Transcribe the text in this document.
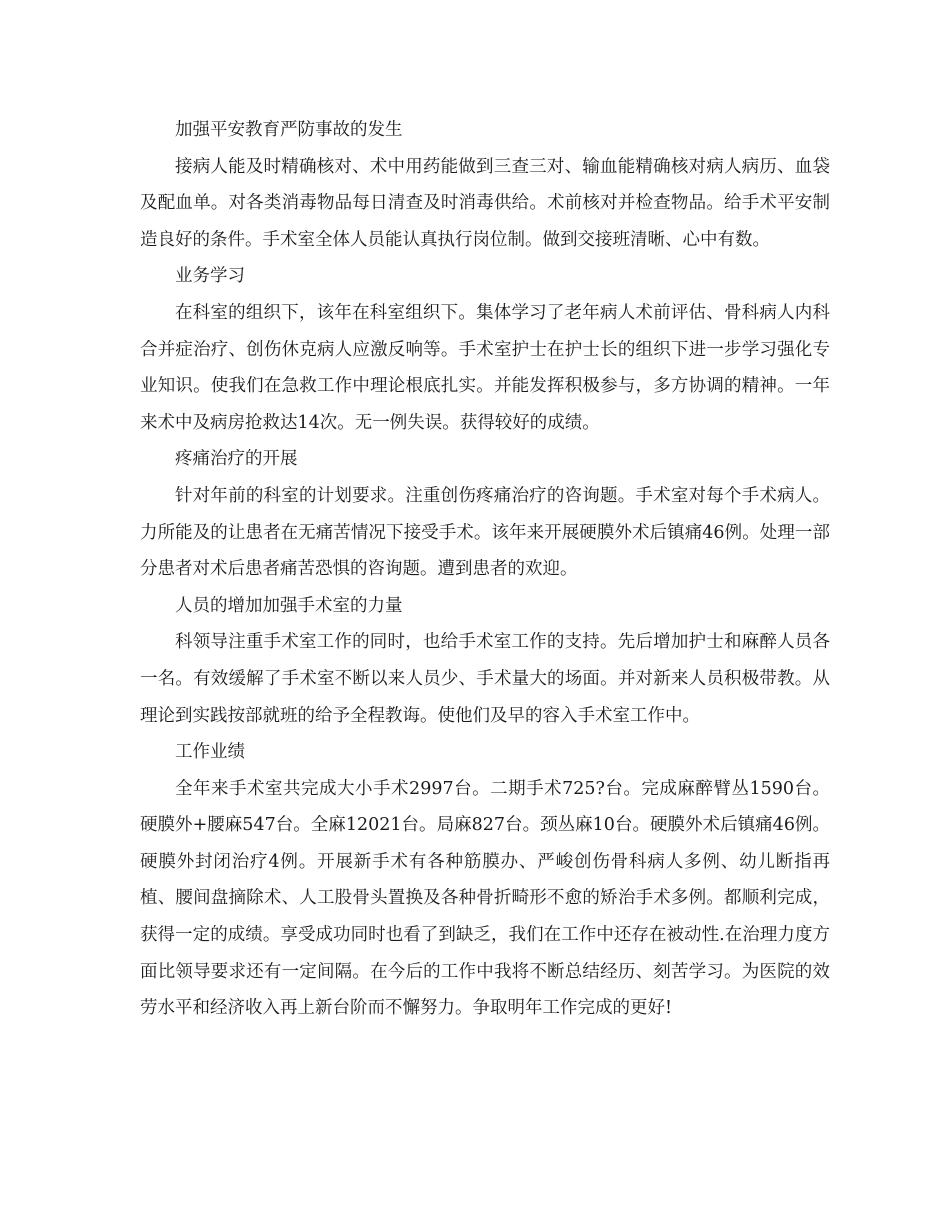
加强平安教育严防事故的发生

接病人能及时精确核对、术中用药能做到三查三对、输血能精确核对病人病历、血袋及配血单。对各类消毒物品每日清查及时消毒供给。术前核对并检查物品。给手术平安制造良好的条件。手术室全体人员能认真执行岗位制。做到交接班清晰、心中有数。

业务学习

在科室的组织下，该年在科室组织下。集体学习了老年病人术前评估、骨科病人内科合并症治疗、创伤休克病人应激反响等。手术室护士在护士长的组织下进一步学习强化专业知识。使我们在急救工作中理论根底扎实。并能发挥积极参与，多方协调的精神。一年来术中及病房抢救达14次。无一例失误。获得较好的成绩。

疼痛治疗的开展

针对年前的科室的计划要求。注重创伤疼痛治疗的咨询题。手术室对每个手术病人。力所能及的让患者在无痛苦情况下接受手术。该年来开展硬膜外术后镇痛46例。处理一部分患者对术后患者痛苦恐惧的咨询题。遭到患者的欢迎。

人员的增加加强手术室的力量

科领导注重手术室工作的同时，也给手术室工作的支持。先后增加护士和麻醉人员各一名。有效缓解了手术室不断以来人员少、手术量大的场面。并对新来人员积极带教。从理论到实践按部就班的给予全程教诲。使他们及早的容入手术室工作中。

工作业绩

全年来手术室共完成大小手术2997台。二期手术725?台。完成麻醉臂丛1590台。硬膜外+腰麻547台。全麻12021台。局麻827台。颈丛麻10台。硬膜外术后镇痛46例。硬膜外封闭治疗4例。开展新手术有各种筋膜办、严峻创伤骨科病人多例、幼儿断指再植、腰间盘摘除术、人工股骨头置换及各种骨折畸形不愈的矫治手术多例。都顺利完成，获得一定的成绩。享受成功同时也看了到缺乏，我们在工作中还存在被动性.在治理力度方面比领导要求还有一定间隔。在今后的工作中我将不断总结经历、刻苦学习。为医院的效劳水平和经济收入再上新台阶而不懈努力。争取明年工作完成的更好!
